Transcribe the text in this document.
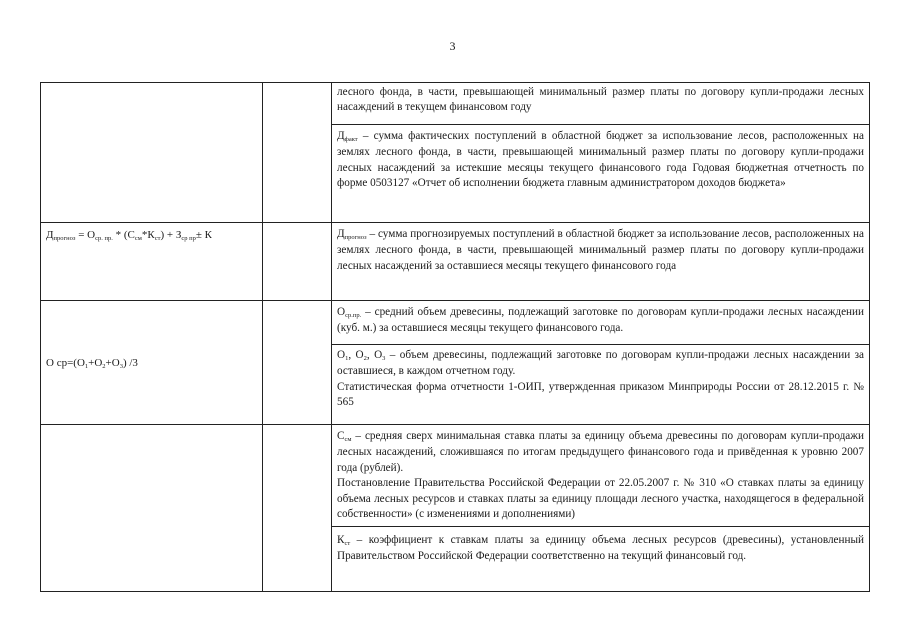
3

лесного фонда, в части, превышающей минимальный размер платы по договору купли-продажи лесных насаждений в текущем финансовом году

$Д_{факт}$ – сумма фактических поступлений в областной бюджет за использование лесов, расположенных на землях лесного фонда, в части, превышающей минимальный размер платы по договору купли-продажи лесных насаждений за истекшие месяцы текущего финансового года Годовая бюджетная отчетность по форме 0503127 «Отчет об исполнении бюджета главным администратором доходов бюджета»

$Д_{прогноз} = О_{ср. пр.} * (С_{см}*К_{ст}) + З_{ср пр}\pm К$	$Д_{прогноз}$ – сумма прогнозируемых поступлений в областной бюджет за использование лесов, расположенных на землях лесного фонда, в части, превышающей минимальный размер платы по договору купли-продажи лесных насаждений за оставшиеся месяцы текущего финансового года

О $ср=(О_1+О_2+О_3)$ /3

$О_{ср.пр.}$ – средний объем древесины, подлежащий заготовке по договорам купли-продажи лесных насаждении (куб. м.) за оставшиеся месяцы текущего финансового года.

$О_1$, $О_2$, $О_3$ – объем древесины, подлежащий заготовке по договорам купли-продажи лесных насаждении за оставшиеся, в каждом отчетном году.

Статистическая форма отчетности 1-ОИП, утвержденная приказом Минприроды России от 28.12.2015 г. № 565

$С_{см}$ – средняя сверх минимальная ставка платы за единицу объема древесины по договорам купли-продажи лесных насаждений, сложившаяся по итогам предыдущего финансового года и привёденная к уровню 2007 года (рублей).

Постановление Правительства Российской Федерации от 22.05.2007 г. № 310 «О ставках платы за единицу объема лесных ресурсов и ставках платы за единицу площади лесного участка, находящегося в федеральной собственности» (с изменениями и дополнениями)

$К_{ст}$ – коэффициент к ставкам платы за единицу объема лесных ресурсов (древесины), установленный Правительством Российской Федерации соответственно на текущий финансовый год.
